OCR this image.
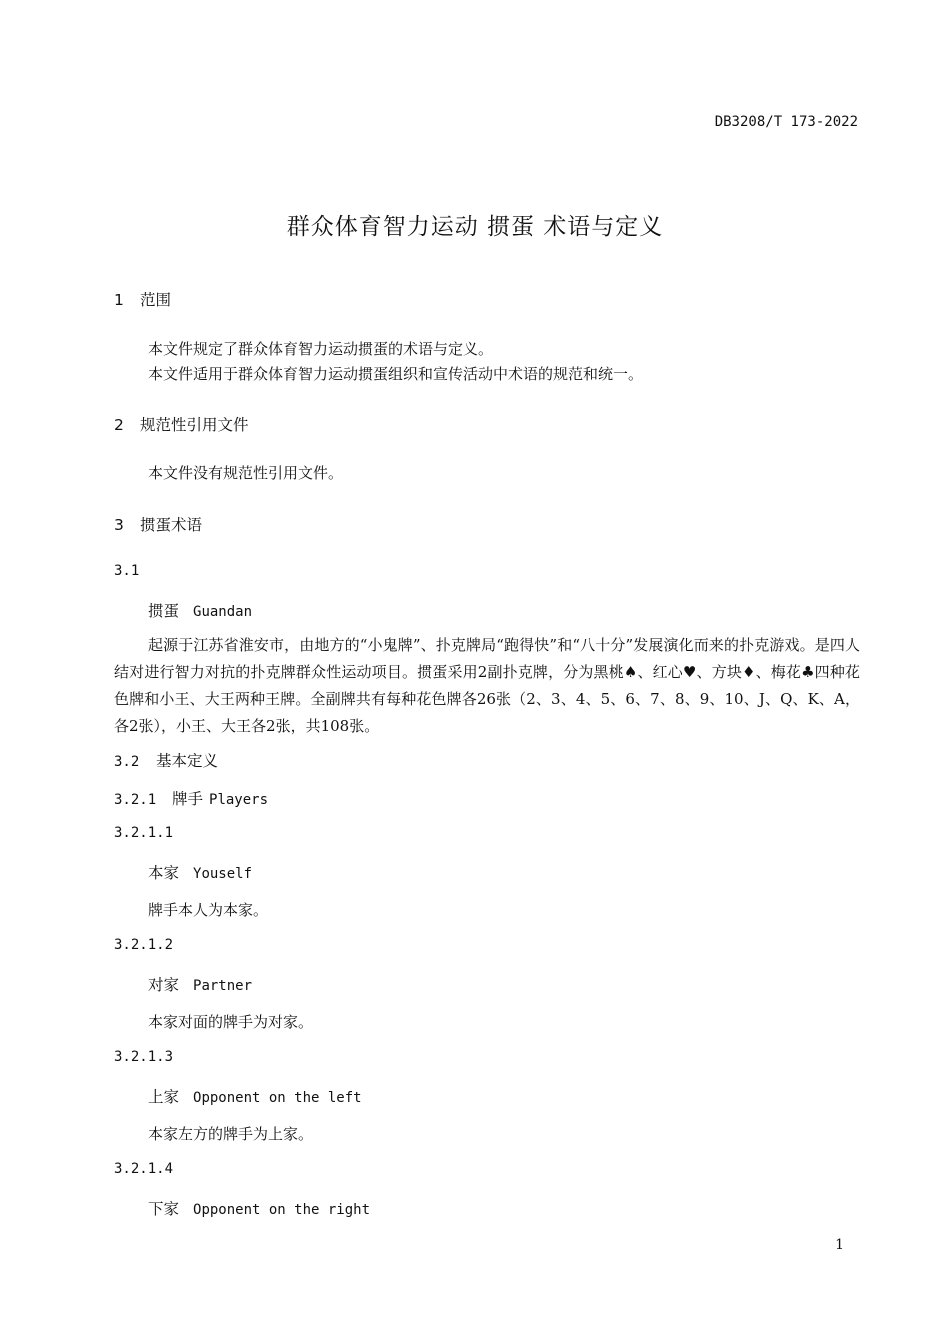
DB3208/T 173-2022
群众体育智力运动 掼蛋 术语与定义
1 范围
本文件规定了群众体育智力运动掼蛋的术语与定义。
本文件适用于群众体育智力运动掼蛋组织和宣传活动中术语的规范和统一。
2 规范性引用文件
本文件没有规范性引用文件。
3 掼蛋术语
3.1
掼蛋 Guandan
起源于江苏省淮安市，由地方的“小鬼牌”、扑克牌局“跑得快”和“八十分”发展演化而来的扑克游戏。是四人结对进行智力对抗的扑克牌群众性运动项目。掼蛋采用2副扑克牌，分为黑桃♠、红心♥、方块♦、梅花♣四种花色牌和小王、大王两种王牌。全副牌共有每种花色牌各26张（2、3、4、5、6、7、8、9、10、J、Q、K、A，各2张），小王、大王各2张，共108张。
3.2 基本定义
3.2.1 牌手 Players
3.2.1.1
本家 Youself
牌手本人为本家。
3.2.1.2
对家 Partner
本家对面的牌手为对家。
3.2.1.3
上家 Opponent on the left
本家左方的牌手为上家。
3.2.1.4
下家 Opponent on the right
1
